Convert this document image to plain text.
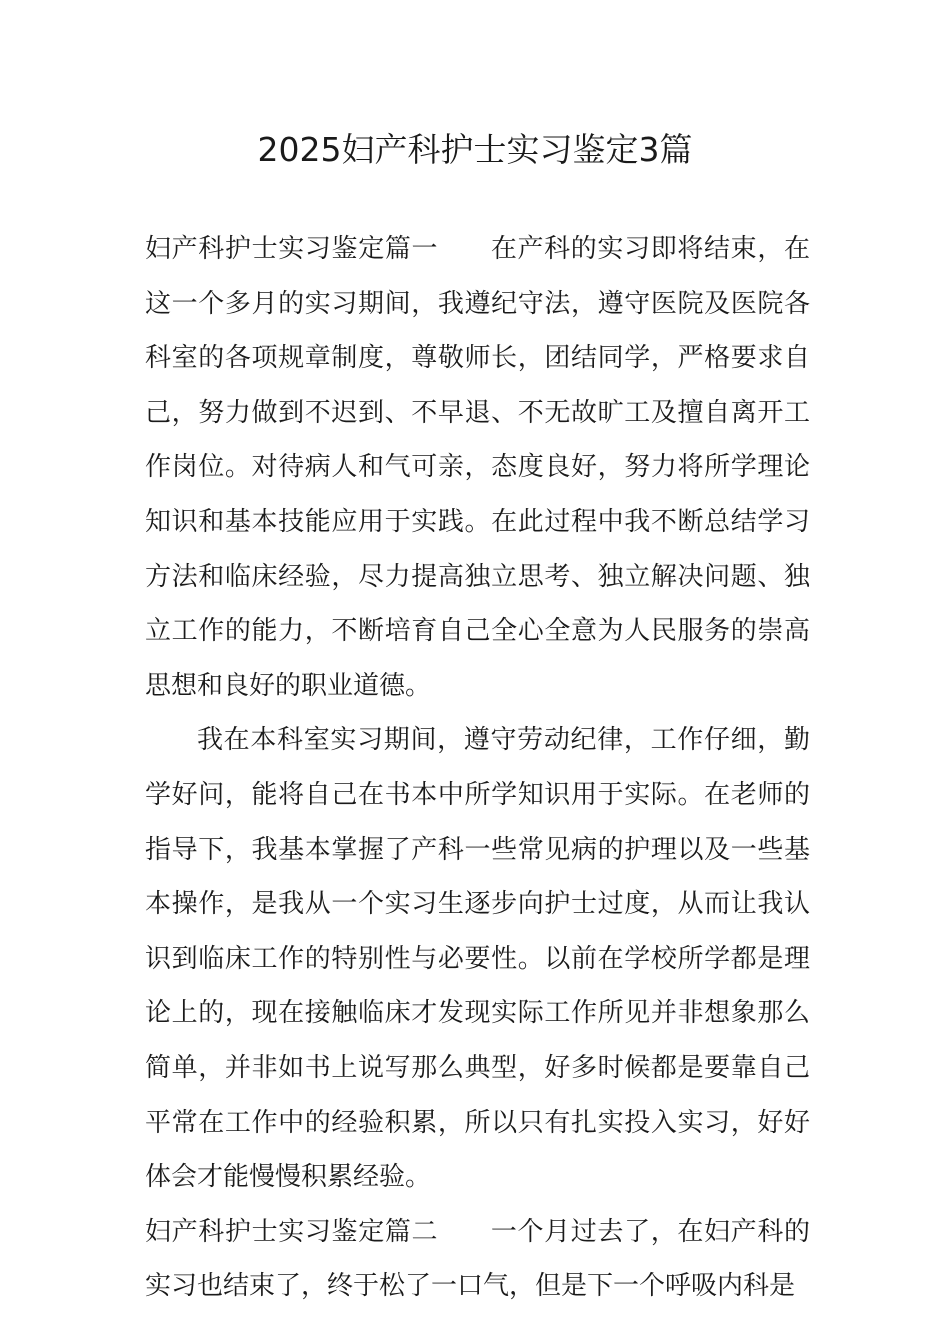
2025妇产科护士实习鉴定3篇

妇产科护士实习鉴定篇一 在产科的实习即将结束，在这一个多月的实习期间，我遵纪守法，遵守医院及医院各科室的各项规章制度，尊敬师长，团结同学，严格要求自己，努力做到不迟到、不早退、不无故旷工及擅自离开工作岗位。对待病人和气可亲，态度良好，努力将所学理论知识和基本技能应用于实践。在此过程中我不断总结学习方法和临床经验，尽力提高独立思考、独立解决问题、独立工作的能力，不断培育自己全心全意为人民服务的崇高思想和良好的职业道德。

我在本科室实习期间，遵守劳动纪律，工作仔细，勤学好问，能将自己在书本中所学知识用于实际。在老师的指导下，我基本掌握了产科一些常见病的护理以及一些基本操作，是我从一个实习生逐步向护士过度，从而让我认识到临床工作的特别性与必要性。以前在学校所学都是理论上的，现在接触临床才发现实际工作所见并非想象那么简单，并非如书上说写那么典型，好多时候都是要靠自己平常在工作中的经验积累，所以只有扎实投入实习，好好体会才能慢慢积累经验。

妇产科护士实习鉴定篇二 一个月过去了，在妇产科的实习也结束了，终于松了一口气，但是下一个呼吸内科是
